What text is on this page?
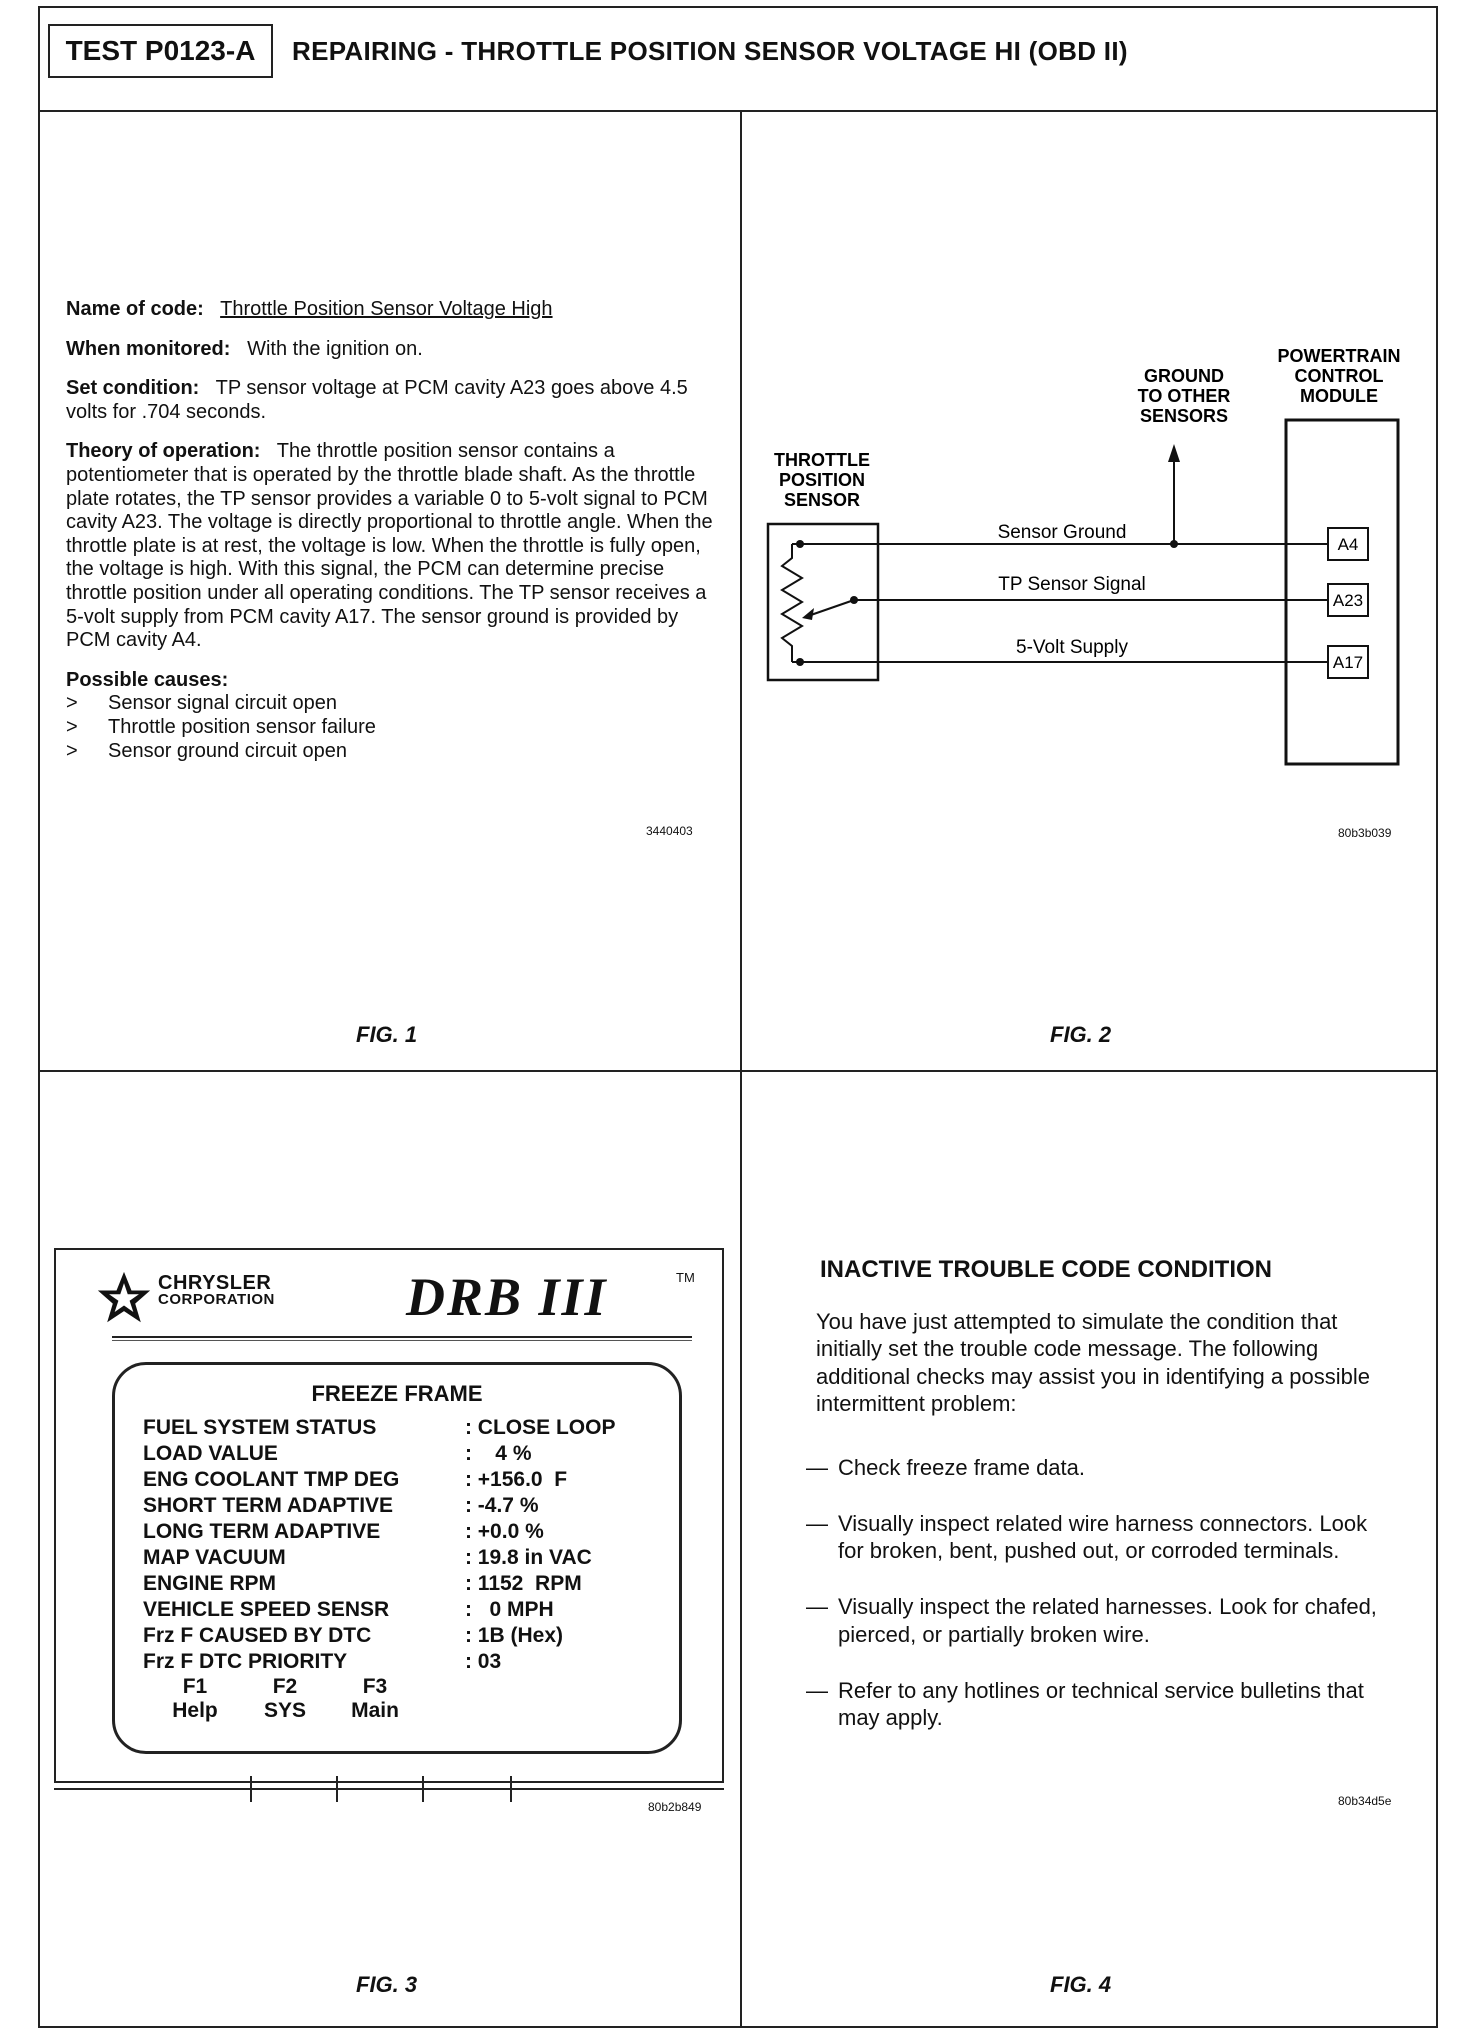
TEST P0123-A	REPAIRING - THROTTLE POSITION SENSOR VOLTAGE HI (OBD II)

Name of code: Throttle Position Sensor Voltage High

When monitored: With the ignition on.

Set condition: TP sensor voltage at PCM cavity A23 goes above 4.5 volts for .704 seconds.

Theory of operation: The throttle position sensor contains a potentiometer that is operated by the throttle blade shaft. As the throttle plate rotates, the TP sensor provides a variable 0 to 5-volt signal to PCM cavity A23. The voltage is directly proportional to throttle angle. When the throttle plate is at rest, the voltage is low. When the throttle is fully open, the voltage is high. With this signal, the PCM can determine precise throttle position under all operating conditions. The TP sensor receives a 5-volt supply from PCM cavity A17. The sensor ground is provided by PCM cavity A4.

Possible causes:
> Sensor signal circuit open
> Throttle position sensor failure
> Sensor ground circuit open
3440403
FIG. 1
THROTTLE
POSITION
SENSOR
GROUND
TO OTHER
SENSORS
POWERTRAIN
CONTROL
MODULE
Sensor Ground
TP Sensor Signal
5-Volt Supply
A4
A23
A17
80b3b039
FIG. 2
CHRYSLER
CORPORATION DRB III	TM
FREEZE FRAME
FUEL SYSTEM STATUS	: CLOSE LOOP
LOAD VALUE	:    4 %
ENG COOLANT TMP DEG	: +156.0  F
SHORT TERM ADAPTIVE	: -4.7 %
LONG TERM ADAPTIVE	: +0.0 %
MAP VACUUM	: 19.8 in VAC
ENGINE RPM	: 1152  RPM
VEHICLE SPEED SENSR	:   0 MPH
Frz F CAUSED BY DTC	: 1B (Hex)
Frz F DTC PRIORITY	: 03
F1
Help
F2
SYS
F3
Main
80b2b849
FIG. 3
INACTIVE TROUBLE CODE CONDITION
You have just attempted to simulate the condition that initially set the trouble code message. The following additional checks may assist you in identifying a possible intermittent problem:
— Check freeze frame data.
— Visually inspect related wire harness connectors. Look for broken, bent, pushed out, or corroded terminals.
— Visually inspect the related harnesses. Look for chafed, pierced, or partially broken wire.
— Refer to any hotlines or technical service bulletins that may apply.
80b34d5e
FIG. 4
